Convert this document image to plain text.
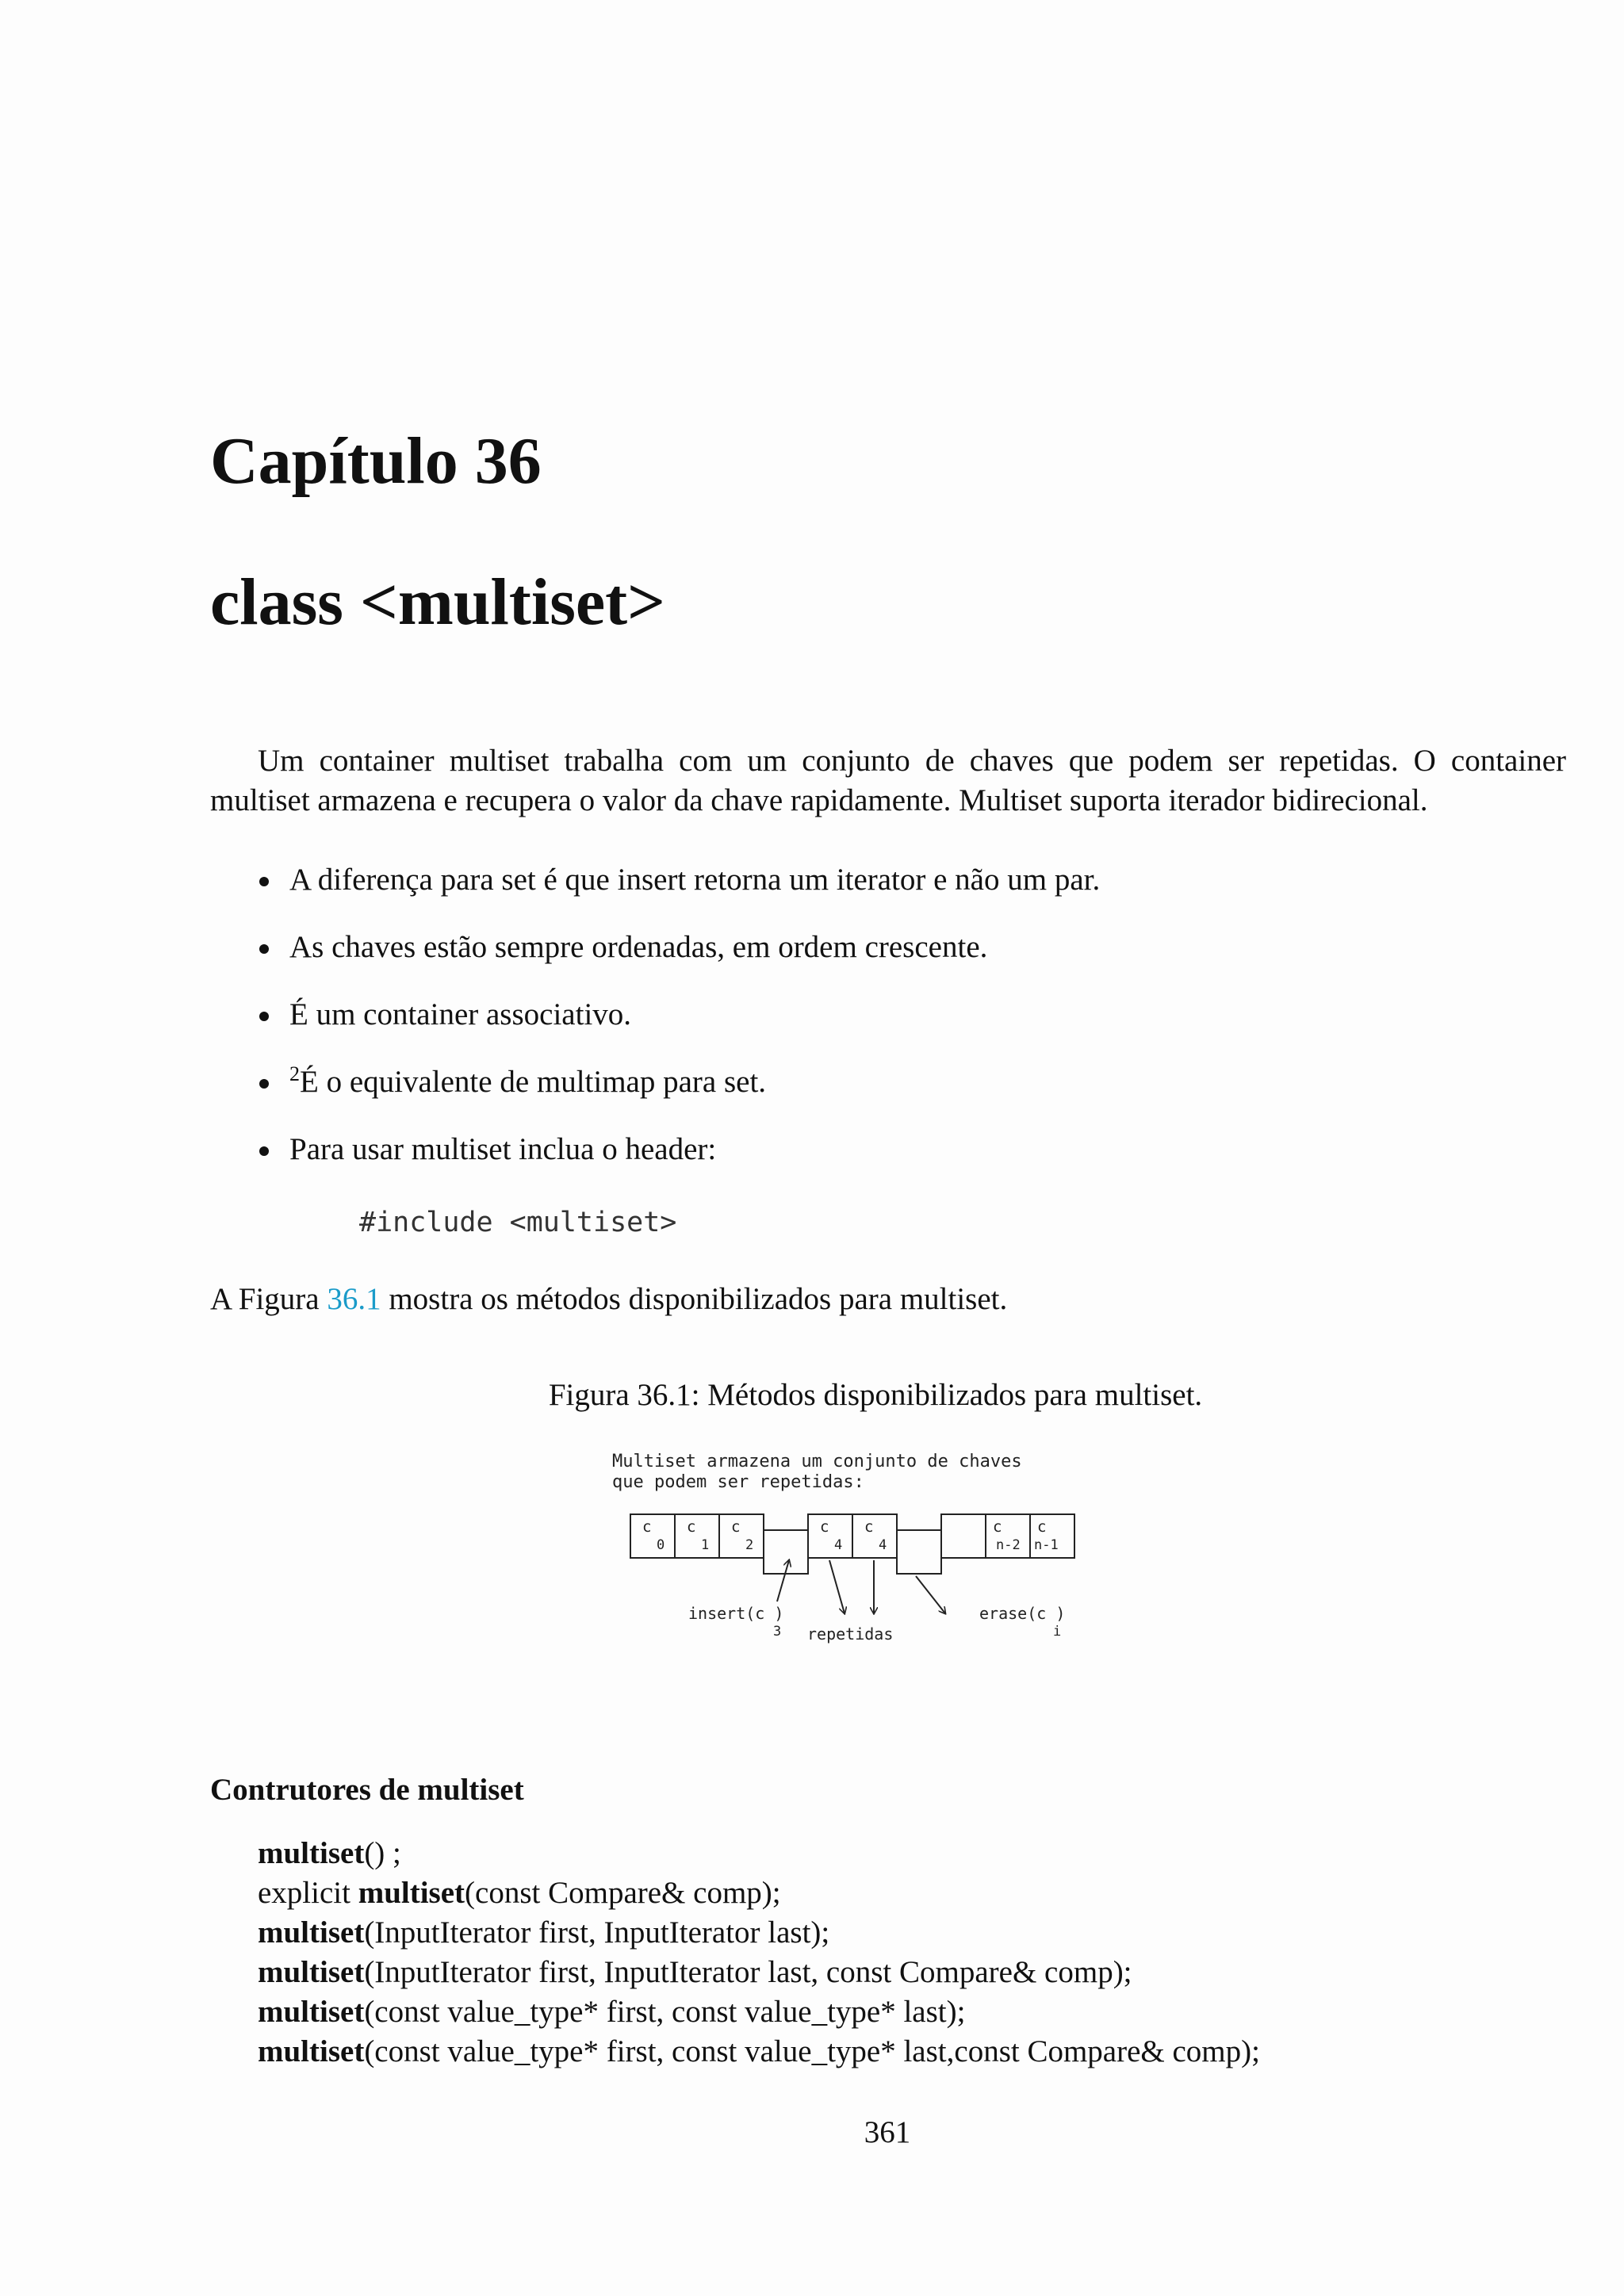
Capítulo 36
class <multiset>

Um container multiset trabalha com um conjunto de chaves que podem ser repetidas. O container multiset armazena e recupera o valor da chave rapidamente. Multiset suporta iterador bidirecional.

A diferença para set é que insert retorna um iterator e não um par.
As chaves estão sempre ordenadas, em ordem crescente.
É um container associativo.
$^2$É o equivalente de multimap para set.
Para usar multiset inclua o header:
#include <multiset>
A Figura 36.1 mostra os métodos disponibilizados para multiset.
Figura 36.1: Métodos disponibilizados para multiset.
Multiset armazena um conjunto de chaves
que podem ser repetidas:
c
0
c
1
c
2
c
4
c
4
c
n-2
c
n-1
insert(c )
3 repetidas
erase(c )
i
Contrutores de multiset
multiset() ;
explicit multiset(const Compare& comp);
multiset(InputIterator first, InputIterator last);
multiset(InputIterator first, InputIterator last, const Compare& comp);
multiset(const value_type* first, const value_type* last);
multiset(const value_type* first, const value_type* last,const Compare& comp);
361
